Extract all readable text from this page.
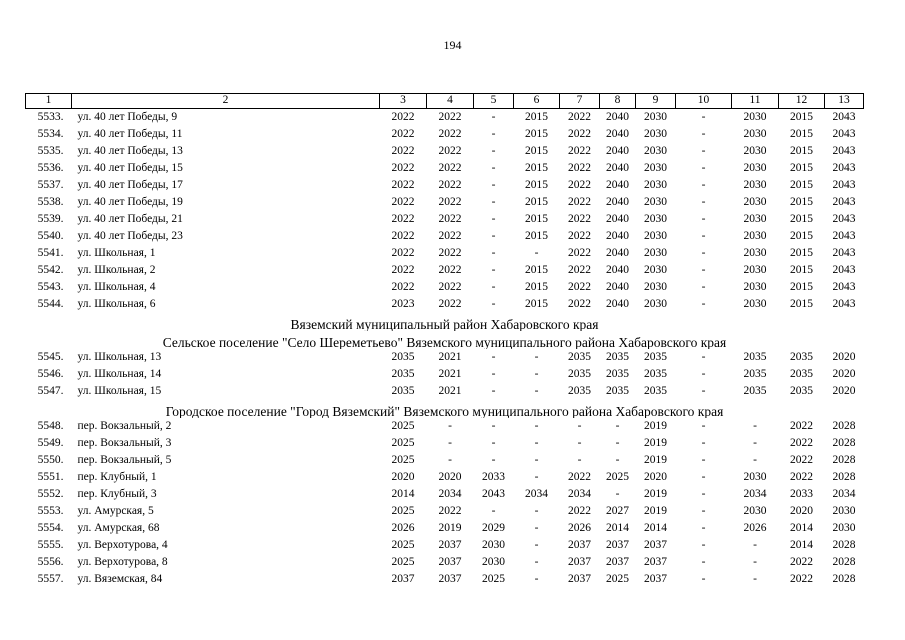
194
1	2	3	4	5	6	7	8	9	10	11	12	13
5533.	ул. 40 лет Победы, 9	2022	2022	-	2015	2022	2040	2030	-	2030	2015	2043
5534.	ул. 40 лет Победы, 11	2022	2022	-	2015	2022	2040	2030	-	2030	2015	2043
5535.	ул. 40 лет Победы, 13	2022	2022	-	2015	2022	2040	2030	-	2030	2015	2043
5536.	ул. 40 лет Победы, 15	2022	2022	-	2015	2022	2040	2030	-	2030	2015	2043
5537.	ул. 40 лет Победы, 17	2022	2022	-	2015	2022	2040	2030	-	2030	2015	2043
5538.	ул. 40 лет Победы, 19	2022	2022	-	2015	2022	2040	2030	-	2030	2015	2043
5539.	ул. 40 лет Победы, 21	2022	2022	-	2015	2022	2040	2030	-	2030	2015	2043
5540.	ул. 40 лет Победы, 23	2022	2022	-	2015	2022	2040	2030	-	2030	2015	2043
5541.	ул. Школьная, 1	2022	2022	-	-	2022	2040	2030	-	2030	2015	2043
5542.	ул. Школьная, 2	2022	2022	-	2015	2022	2040	2030	-	2030	2015	2043
5543.	ул. Школьная, 4	2022	2022	-	2015	2022	2040	2030	-	2030	2015	2043
5544.	ул. Школьная, 6	2023	2022	-	2015	2022	2040	2030	-	2030	2015	2043
Вяземский муниципальный район Хабаровского края												
Сельское поселение "Село Шереметьево" Вяземского муниципального района Хабаровского края												
5545.	ул. Школьная, 13	2035	2021	-	-	2035	2035	2035	-	2035	2035	2020
5546.	ул. Школьная, 14	2035	2021	-	-	2035	2035	2035	-	2035	2035	2020
5547.	ул. Школьная, 15	2035	2021	-	-	2035	2035	2035	-	2035	2035	2020
Городское поселение "Город Вяземский" Вяземского муниципального района Хабаровского края												
5548.	пер. Вокзальный, 2	2025	-	-	-	-	-	2019	-	-	2022	2028
5549.	пер. Вокзальный, 3	2025	-	-	-	-	-	2019	-	-	2022	2028
5550.	пер. Вокзальный, 5	2025	-	-	-	-	-	2019	-	-	2022	2028
5551.	пер. Клубный, 1	2020	2020	2033	-	2022	2025	2020	-	2030	2022	2028
5552.	пер. Клубный, 3	2014	2034	2043	2034	2034	-	2019	-	2034	2033	2034
5553.	ул. Амурская, 5	2025	2022	-	-	2022	2027	2019	-	2030	2020	2030
5554.	ул. Амурская, 68	2026	2019	2029	-	2026	2014	2014	-	2026	2014	2030
5555.	ул. Верхотурова, 4	2025	2037	2030	-	2037	2037	2037	-	-	2014	2028
5556.	ул. Верхотурова, 8	2025	2037	2030	-	2037	2037	2037	-	-	2022	2028
5557.	ул. Вяземская, 84	2037	2037	2025	-	2037	2025	2037	-	-	2022	2028
